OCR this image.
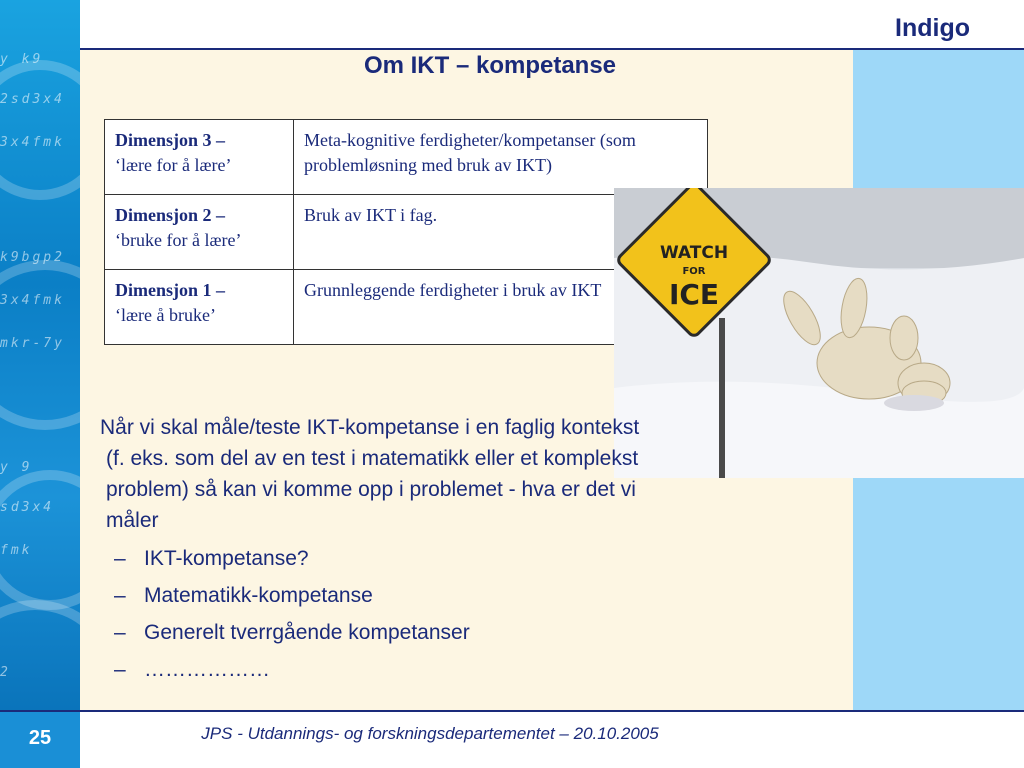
y k9
2sd3x4
3x4fmk
k9bgp2
3x4fmk
mkr-7y
y 9
sd3x4
fmk
2
Indigo
Om IKT – kompetanse
Dimensjon 3 –
‘lære for å lære’	Meta-kognitive ferdigheter/kompetanser (som problemløsning med bruk av IKT)

Dimensjon 2 –
‘bruke for å lære’	Bruk av IKT i fag.

Dimensjon 1 –
‘lære å bruke’	Grunnleggende ferdigheter i bruk av IKT
WATCH
FOR
ICE
Når vi skal måle/teste IKT-kompetanse i en faglig kontekst (f. eks. som del av en test i matematikk eller et komplekst problem) så kan vi komme opp i problemet - hva er det vi måler
– IKT-kompetanse?
– Matematikk-kompetanse
– Generelt tverrgående kompetanser
– ………………
25	JPS - Utdannings- og forskningsdepartementet – 20.10.2005
